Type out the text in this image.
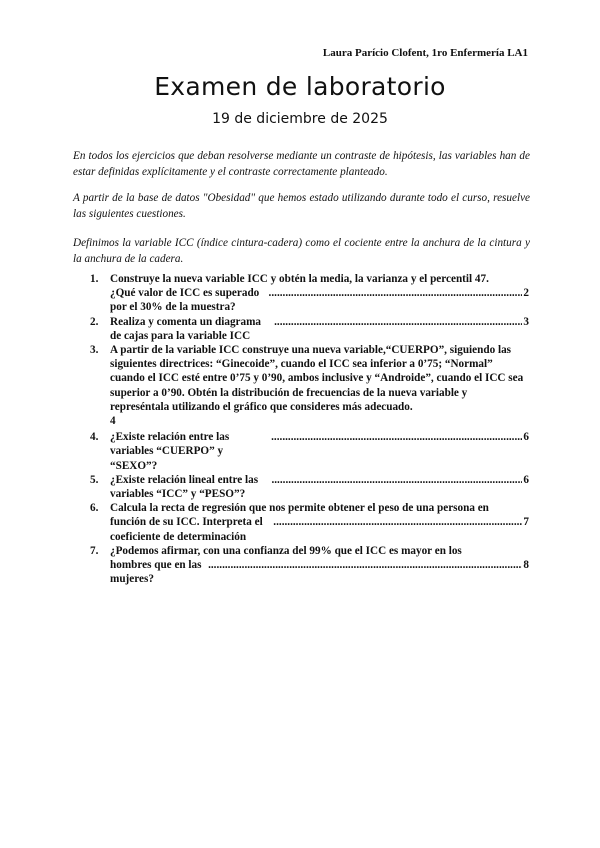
Laura Parício Clofent, 1ro Enfermería LA1
Examen de laboratorio
19 de diciembre de 2025
En todos los ejercicios que deban resolverse mediante un contraste de hipótesis, las variables han de estar definidas explícitamente y el contraste correctamente planteado.
A partir de la base de datos "Obesidad" que hemos estado utilizando durante todo el curso, resuelve las siguientes cuestiones.
Definimos la variable ICC (índice cintura-cadera) como el cociente entre la anchura de la cintura y la anchura de la cadera.
1. Construye la nueva variable ICC y obtén la media, la varianza y el percentil 47.
¿Qué valor de ICC es superado por el 30% de la muestra?
.....
2
2. Realiza y comenta un diagrama de cajas para la variable ICC
.....
3
3. A partir de la variable ICC construye una nueva variable,“CUERPO”, siguiendo las siguientes directrices: “Ginecoide”, cuando el ICC sea inferior a 0’75; “Normal” cuando el ICC esté entre 0’75 y 0’90, ambos inclusive y “Androide”, cuando el ICC sea superior a 0’90. Obtén la distribución de frecuencias de la nueva variable y represéntala utilizando el gráfico que consideres más adecuado.
4
4. ¿Existe relación entre las variables “CUERPO” y “SEXO”?
.....
6
5. ¿Existe relación lineal entre las variables “ICC” y “PESO”?
.....
6
6. Calcula la recta de regresión que nos permite obtener el peso de una persona en
función de su ICC. Interpreta el coeficiente de determinación
.....
7
7. ¿Podemos afirmar, con una confianza del 99% que el ICC es mayor en los
hombres que en las mujeres?
.....
8
